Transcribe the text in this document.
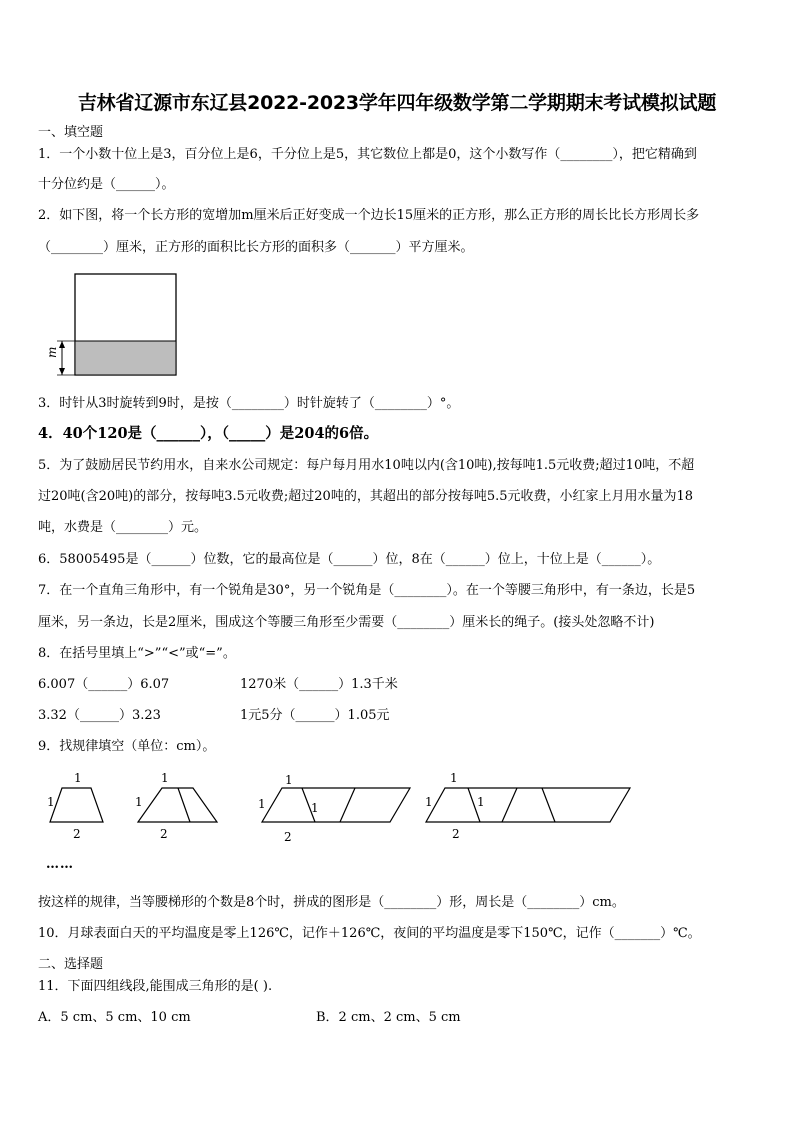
吉林省辽源市东辽县2022-2023学年四年级数学第二学期期末考试模拟试题
一、填空题
1．一个小数十位上是3，百分位上是6，千分位上是5，其它数位上都是0，这个小数写作（________），把它精确到
十分位约是（______）。
2．如下图，将一个长方形的宽增加m厘米后正好变成一个边长15厘米的正方形，那么正方形的周长比长方形周长多
（________）厘米，正方形的面积比长方形的面积多（_______）平方厘米。
m
3．时针从3时旋转到9时，是按（________）时针旋转了（________）°。
4．40个120是（______），（_____）是204的6倍。
5．为了鼓励居民节约用水，自来水公司规定：每户每月用水10吨以内(含10吨),按每吨1.5元收费;超过10吨，不超
过20吨(含20吨)的部分，按每吨3.5元收费;超过20吨的，其超出的部分按每吨5.5元收费，小红家上月用水量为18
吨，水费是（________）元。
6．58005495是（______）位数，它的最高位是（______）位，8在（______）位上，十位上是（______）。
7．在一个直角三角形中，有一个锐角是30°，另一个锐角是（________）。在一个等腰三角形中，有一条边，长是5
厘米，另一条边，长是2厘米，围成这个等腰三角形至少需要（________）厘米长的绳子。(接头处忽略不计)
8．在括号里填上“>”“<”或“=”。
6.007（______）6.07	1270米（______）1.3千米
3.32（______）3.23	1元5分（______）1.05元
9．找规律填空（单位：cm）。
1
1
2
1
1
2
1
1	1
2
1
1	1
2
……
按这样的规律，当等腰梯形的个数是8个时，拼成的图形是（________）形，周长是（________）cm。
10．月球表面白天的平均温度是零上126℃，记作＋126℃，夜间的平均温度是零下150℃，记作（_______）℃。
二、选择题
11．下面四组线段,能围成三角形的是( ).
A．5 cm、5 cm、10 cm	B．2 cm、2 cm、5 cm
